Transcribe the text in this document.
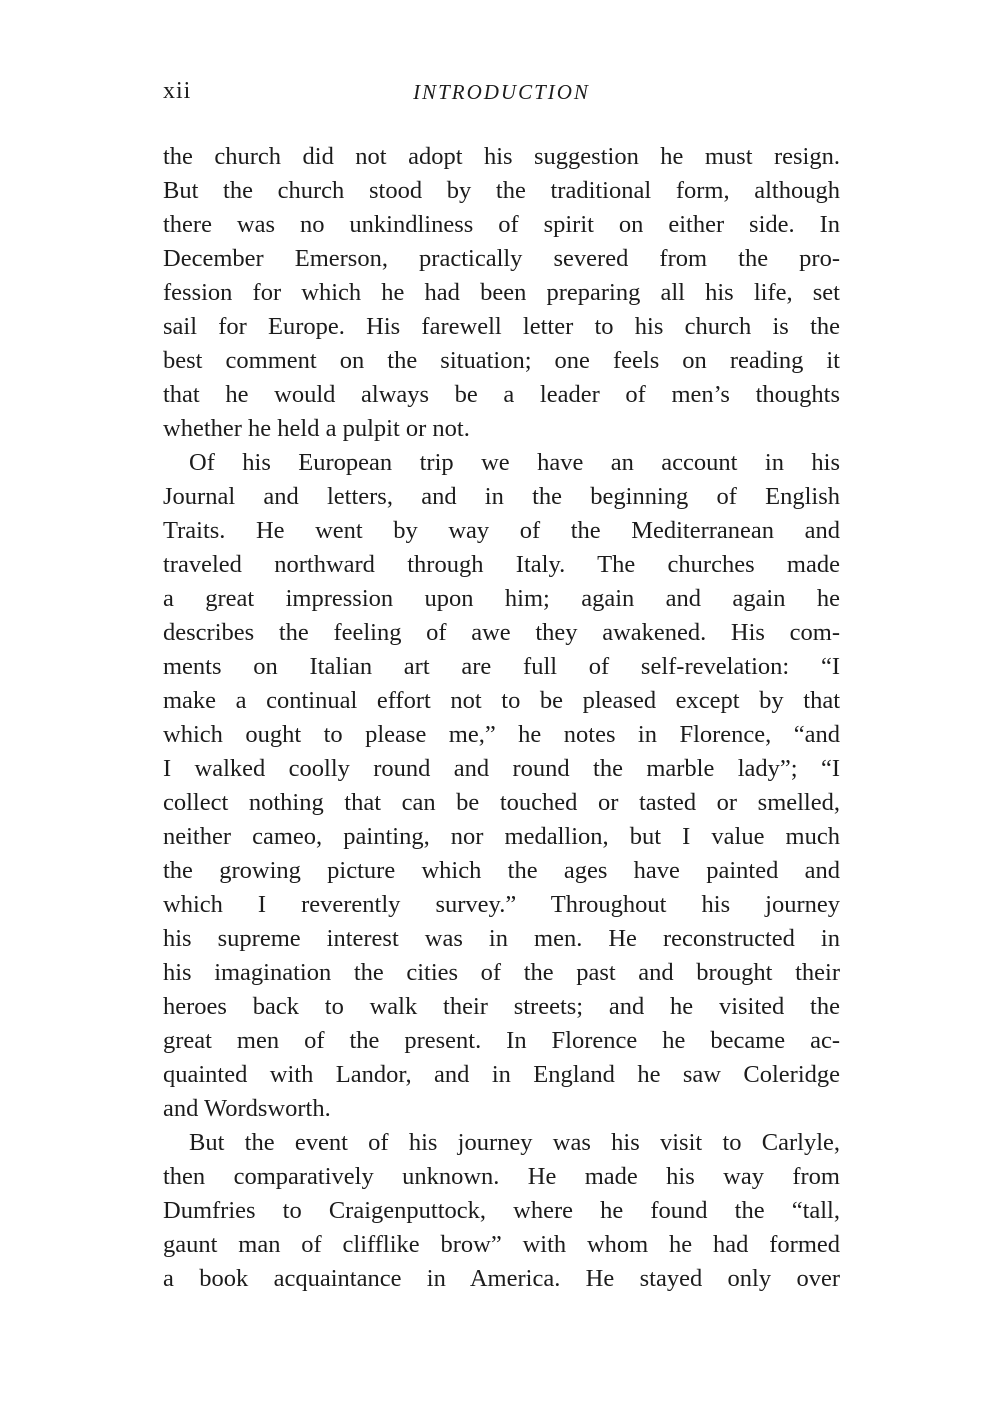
xii	INTRODUCTION
the church did not adopt his suggestion he must resign.
But the church stood by the traditional form, although
there was no unkindliness of spirit on either side. In
December Emerson, practically severed from the pro-
fession for which he had been preparing all his life, set
sail for Europe. His farewell letter to his church is the
best comment on the situation; one feels on reading it
that he would always be a leader of men’s thoughts
whether he held a pulpit or not.
Of his European trip we have an account in his
Journal and letters, and in the beginning of English
Traits. He went by way of the Mediterranean and
traveled northward through Italy. The churches made
a great impression upon him; again and again he
describes the feeling of awe they awakened. His com-
ments on Italian art are full of self-revelation: “I
make a continual effort not to be pleased except by that
which ought to please me,” he notes in Florence, “and
I walked coolly round and round the marble lady”; “I
collect nothing that can be touched or tasted or smelled,
neither cameo, painting, nor medallion, but I value much
the growing picture which the ages have painted and
which I reverently survey.” Throughout his journey
his supreme interest was in men. He reconstructed in
his imagination the cities of the past and brought their
heroes back to walk their streets; and he visited the
great men of the present. In Florence he became ac-
quainted with Landor, and in England he saw Coleridge
and Wordsworth.
But the event of his journey was his visit to Carlyle,
then comparatively unknown. He made his way from
Dumfries to Craigenputtock, where he found the “tall,
gaunt man of clifflike brow” with whom he had formed
a book acquaintance in America. He stayed only over
